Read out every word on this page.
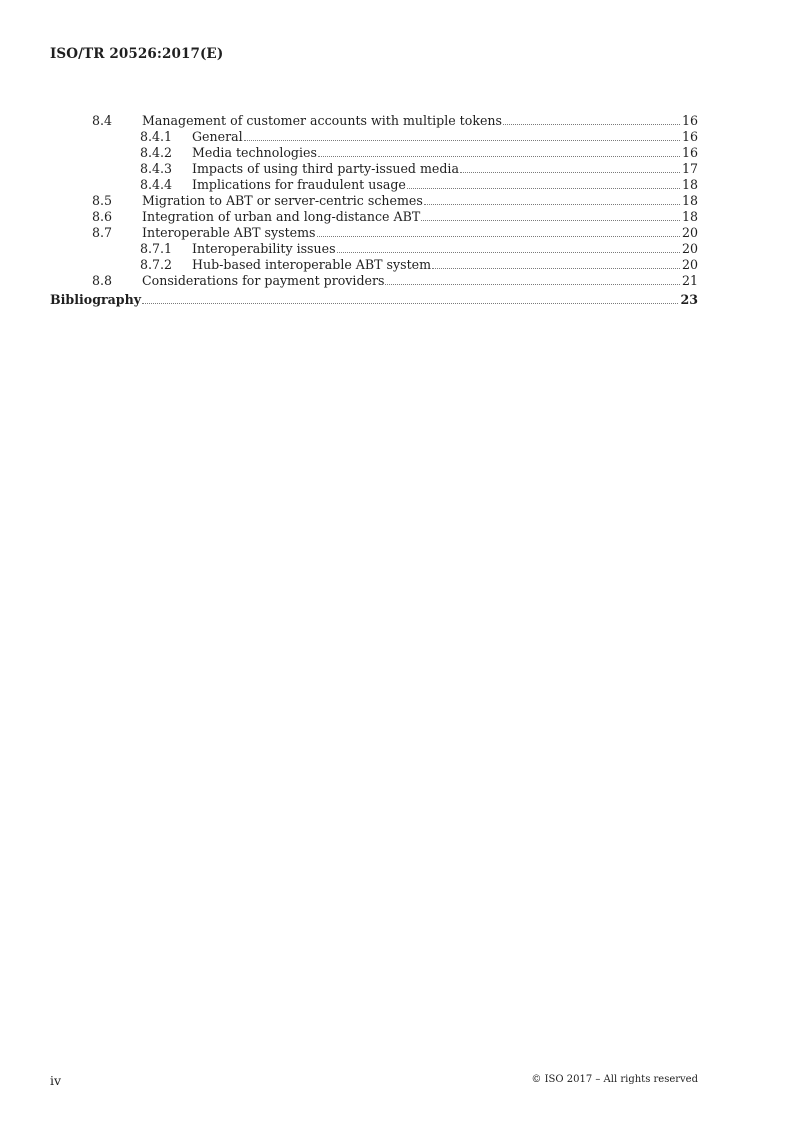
ISO/TR 20526:2017(E)
8.4	Management of customer accounts with multiple tokens	16
8.4.1	General	16
8.4.2	Media technologies	16
8.4.3	Impacts of using third party-issued media	17
8.4.4	Implications for fraudulent usage	18
8.5	Migration to ABT or server-centric schemes	18
8.6	Integration of urban and long-distance ABT	18
8.7	Interoperable ABT systems	20
8.7.1	Interoperability issues	20
8.7.2	Hub-based interoperable ABT system	20
8.8	Considerations for payment providers	21
Bibliography	23
iv	© ISO 2017 – All rights reserved
